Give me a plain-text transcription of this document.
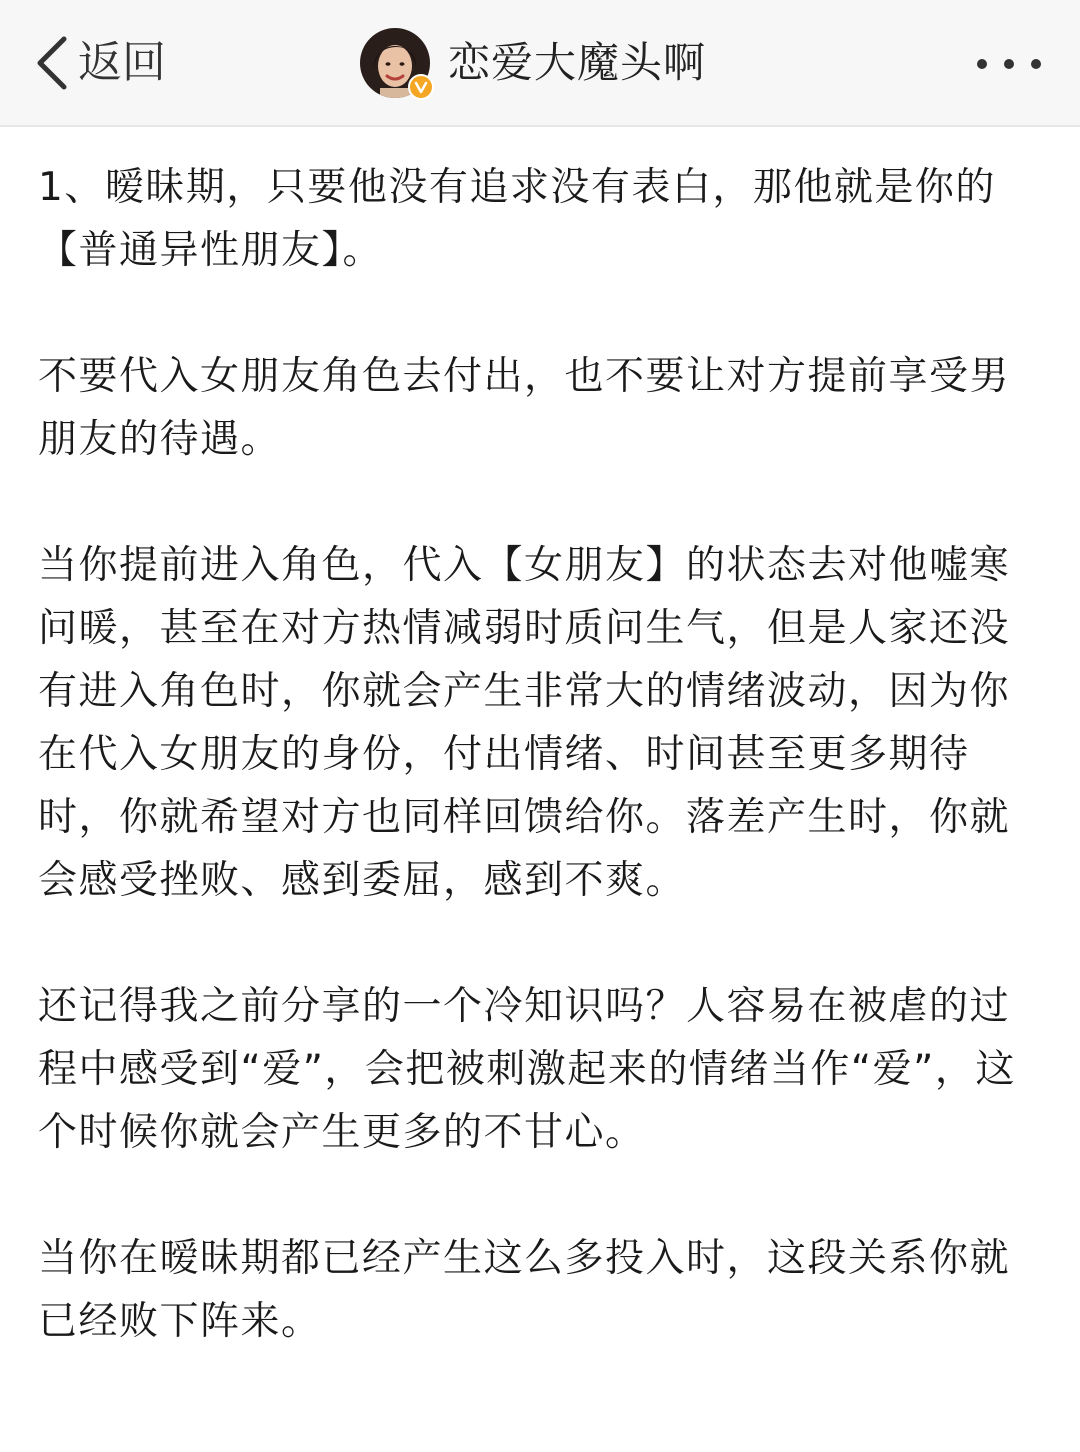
返回	恋爱大魔头啊

1、暧昧期，只要他没有追求没有表白，那他就是你的【普通异性朋友】。

不要代入女朋友角色去付出，也不要让对方提前享受男朋友的待遇。

当你提前进入角色，代入【女朋友】的状态去对他嘘寒问暖，甚至在对方热情减弱时质问生气，但是人家还没有进入角色时，你就会产生非常大的情绪波动，因为你在代入女朋友的身份，付出情绪、时间甚至更多期待时，你就希望对方也同样回馈给你。落差产生时，你就会感受挫败、感到委屈，感到不爽。

还记得我之前分享的一个冷知识吗？人容易在被虐的过程中感受到“爱”，会把被刺激起来的情绪当作“爱”，这个时候你就会产生更多的不甘心。

当你在暧昧期都已经产生这么多投入时，这段关系你就已经败下阵来。
